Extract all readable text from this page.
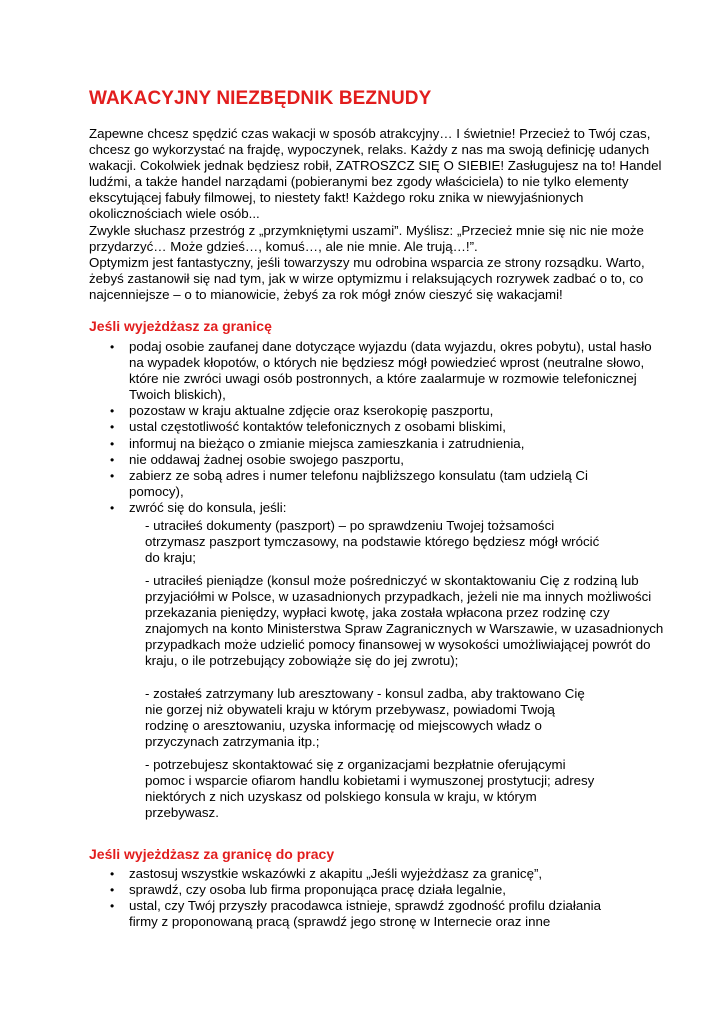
WAKACYJNY NIEZBĘDNIK BEZNUDY
Zapewne chcesz spędzić czas wakacji w sposób atrakcyjny… I świetnie! Przecież to Twój czas,
chcesz go wykorzystać na frajdę, wypoczynek, relaks. Każdy z nas ma swoją definicję udanych
wakacji. Cokolwiek jednak będziesz robił, ZATROSZCZ SIĘ O SIEBIE! Zasługujesz na to! Handel
ludźmi, a także handel narządami (pobieranymi bez zgody właściciela) to nie tylko elementy
ekscytującej fabuły filmowej, to niestety fakt! Każdego roku znika w niewyjaśnionych
okolicznościach wiele osób...
Zwykle słuchasz przestróg z „przymkniętymi uszami”. Myślisz: „Przecież mnie się nic nie może
przydarzyć… Może gdzieś…, komuś…, ale nie mnie. Ale trują…!”.
Optymizm jest fantastyczny, jeśli towarzyszy mu odrobina wsparcia ze strony rozsądku. Warto,
żebyś zastanowił się nad tym, jak w wirze optymizmu i relaksujących rozrywek zadbać o to, co
najcenniejsze – o to mianowicie, żebyś za rok mógł znów cieszyć się wakacjami!
Jeśli wyjeżdżasz za granicę
• podaj osobie zaufanej dane dotyczące wyjazdu (data wyjazdu, okres pobytu), ustal hasło
na wypadek kłopotów, o których nie będziesz mógł powiedzieć wprost (neutralne słowo,
które nie zwróci uwagi osób postronnych, a które zaalarmuje w rozmowie telefonicznej
Twoich bliskich),
• pozostaw w kraju aktualne zdjęcie oraz kserokopię paszportu,
• ustal częstotliwość kontaktów telefonicznych z osobami bliskimi,
• informuj na bieżąco o zmianie miejsca zamieszkania i zatrudnienia,
• nie oddawaj żadnej osobie swojego paszportu,
• zabierz ze sobą adres i numer telefonu najbliższego konsulatu (tam udzielą Ci
pomocy),
• zwróć się do konsula, jeśli:
- utraciłeś dokumenty (paszport) – po sprawdzeniu Twojej tożsamości
otrzymasz paszport tymczasowy, na podstawie którego będziesz mógł wrócić
do kraju;
- utraciłeś pieniądze (konsul może pośredniczyć w skontaktowaniu Cię z rodziną lub
przyjaciółmi w Polsce, w uzasadnionych przypadkach, jeżeli nie ma innych możliwości
przekazania pieniędzy, wypłaci kwotę, jaka została wpłacona przez rodzinę czy
znajomych na konto Ministerstwa Spraw Zagranicznych w Warszawie, w uzasadnionych
przypadkach może udzielić pomocy finansowej w wysokości umożliwiającej powrót do
kraju, o ile potrzebujący zobowiąże się do jej zwrotu);
- zostałeś zatrzymany lub aresztowany - konsul zadba, aby traktowano Cię
nie gorzej niż obywateli kraju w którym przebywasz, powiadomi Twoją
rodzinę o aresztowaniu, uzyska informację od miejscowych władz o
przyczynach zatrzymania itp.;
- potrzebujesz skontaktować się z organizacjami bezpłatnie oferującymi
pomoc i wsparcie ofiarom handlu kobietami i wymuszonej prostytucji; adresy
niektórych z nich uzyskasz od polskiego konsula w kraju, w którym
przebywasz.
Jeśli wyjeżdżasz za granicę do pracy
• zastosuj wszystkie wskazówki z akapitu „Jeśli wyjeżdżasz za granicę”,
• sprawdź, czy osoba lub firma proponująca pracę działa legalnie,
• ustal, czy Twój przyszły pracodawca istnieje, sprawdź zgodność profilu działania
firmy z proponowaną pracą (sprawdź jego stronę w Internecie oraz inne
